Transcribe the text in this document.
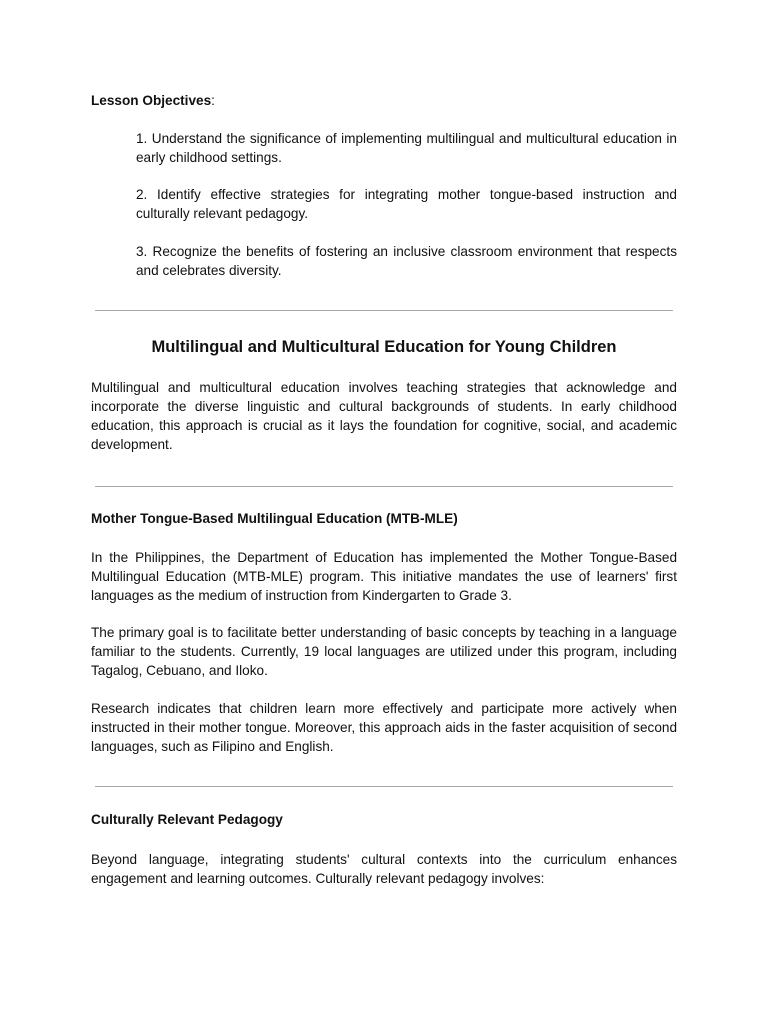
Lesson Objectives:

1. Understand the significance of implementing multilingual and multicultural education in early childhood settings.

2. Identify effective strategies for integrating mother tongue-based instruction and culturally relevant pedagogy.

3. Recognize the benefits of fostering an inclusive classroom environment that respects and celebrates diversity.

Multilingual and Multicultural Education for Young Children

Multilingual and multicultural education involves teaching strategies that acknowledge and incorporate the diverse linguistic and cultural backgrounds of students. In early childhood education, this approach is crucial as it lays the foundation for cognitive, social, and academic development.

Mother Tongue-Based Multilingual Education (MTB-MLE)

In the Philippines, the Department of Education has implemented the Mother Tongue-Based Multilingual Education (MTB-MLE) program. This initiative mandates the use of learners' first languages as the medium of instruction from Kindergarten to Grade 3.

The primary goal is to facilitate better understanding of basic concepts by teaching in a language familiar to the students. Currently, 19 local languages are utilized under this program, including Tagalog, Cebuano, and Iloko.

Research indicates that children learn more effectively and participate more actively when instructed in their mother tongue. Moreover, this approach aids in the faster acquisition of second languages, such as Filipino and English.

Culturally Relevant Pedagogy

Beyond language, integrating students' cultural contexts into the curriculum enhances engagement and learning outcomes. Culturally relevant pedagogy involves:
